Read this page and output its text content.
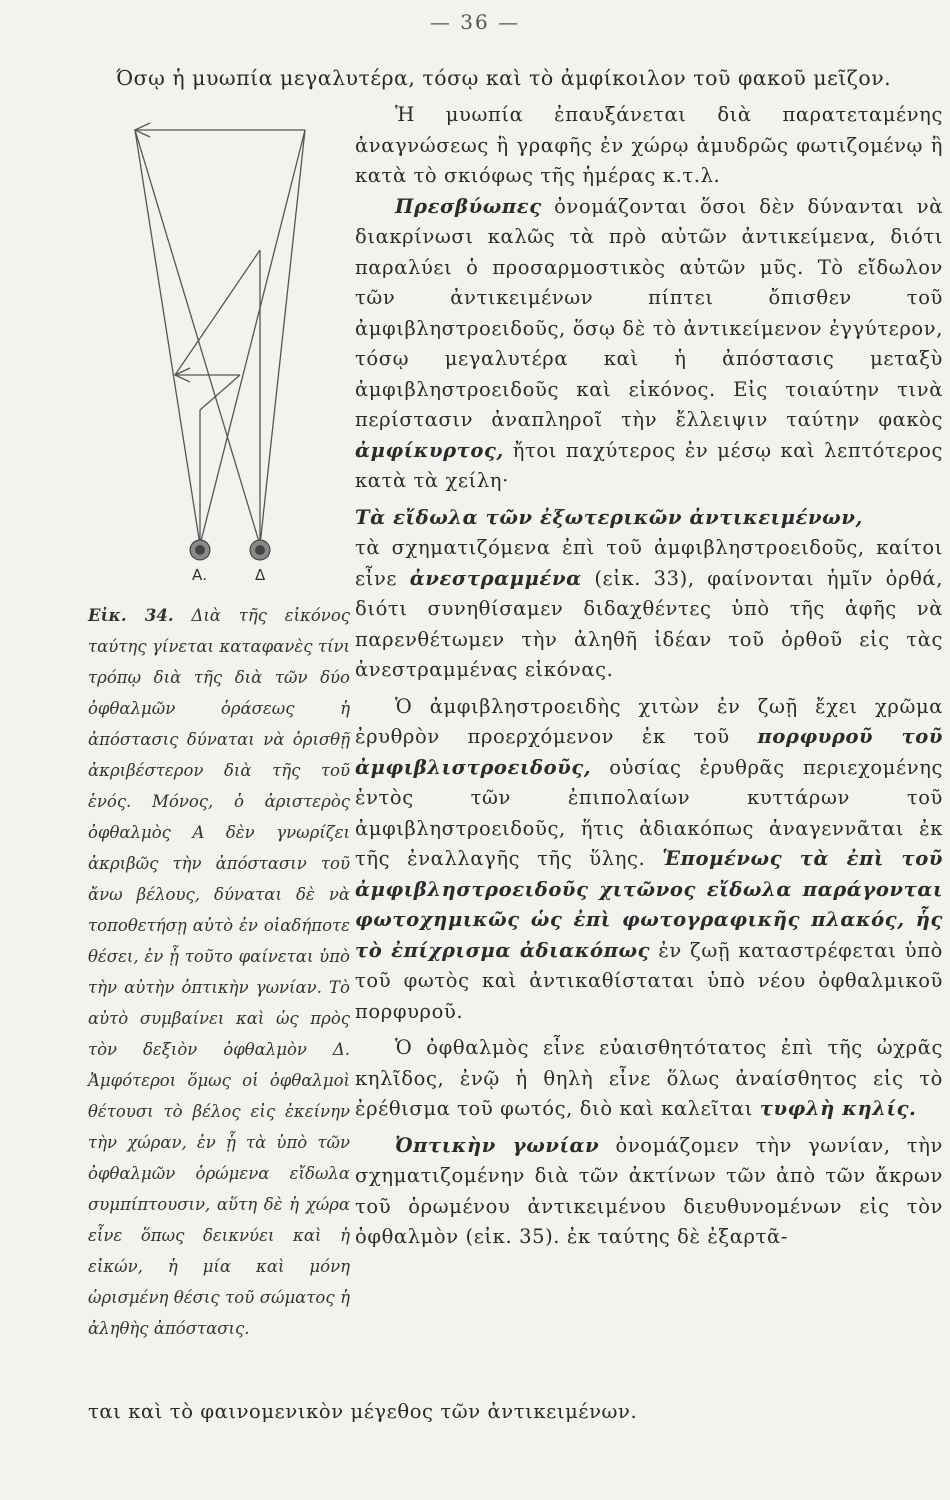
— 36 —
Όσῳ ἡ μυωπία μεγαλυτέρα, τόσῳ καὶ τὸ ἀμφίκοιλον τοῦ φακοῦ μεῖζον.
Α.	Δ
Εἰκ. 34. Διὰ τῆς εἰκόνος ταύτης γίνεται καταφανὲς τίνι τρόπῳ διὰ τῆς διὰ τῶν δύο ὀφθαλμῶν ὁράσεως ἡ ἀπόστασις δύναται νὰ ὁρισθῇ ἀκριβέστερον διὰ τῆς τοῦ ἑνός. Μόνος, ὁ ἀριστερὸς ὀφθαλμὸς Α δὲν γνωρίζει ἀκριβῶς τὴν ἀπόστασιν τοῦ ἄνω βέλους, δύναται δὲ νὰ τοποθετήσῃ αὐτὸ ἐν οἱαδήποτε θέσει, ἐν ᾗ τοῦτο φαίνεται ὑπὸ τὴν αὐτὴν ὀπτικὴν γωνίαν. Τὸ αὐτὸ συμβαίνει καὶ ὡς πρὸς τὸν δεξιὸν ὀφθαλμὸν Δ. Ἀμφότεροι ὅμως οἱ ὀφθαλμοὶ θέτουσι τὸ βέλος εἰς ἐκείνην τὴν χώραν, ἐν ᾗ τὰ ὑπὸ τῶν ὀφθαλμῶν ὁρώμενα εἴδωλα συμπίπτουσιν, αὕτη δὲ ἡ χώρα εἶνε ὅπως δεικνύει καὶ ἡ εἰκών, ἡ μία καὶ μόνη ὡρισμένη θέσις τοῦ σώματος ἡ ἀληθὴς ἀπόστασις.

Ἡ μυωπία ἐπαυξάνεται διὰ παρατεταμένης ἀναγνώσεως ἢ γραφῆς ἐν χώρῳ ἀμυδρῶς φωτιζομένῳ ἢ κατὰ τὸ σκιόφως τῆς ἡμέρας κ.τ.λ.

Πρεσβύωπες ὀνομάζονται ὅσοι δὲν δύνανται νὰ διακρίνωσι καλῶς τὰ πρὸ αὐτῶν ἀντικείμενα, διότι παραλύει ὁ προσαρμοστικὸς αὐτῶν μῦς. Τὸ εἴδωλον τῶν ἀντικειμένων πίπτει ὄπισθεν τοῦ ἀμφιβληστροειδοῦς, ὅσῳ δὲ τὸ ἀντικείμενον ἐγγύτερον, τόσῳ μεγαλυτέρα καὶ ἡ ἀπόστασις μεταξὺ ἀμφιβληστροειδοῦς καὶ εἰκόνος. Εἰς τοιαύτην τινὰ περίστασιν ἀναπληροῖ τὴν ἔλλειψιν ταύτην φακὸς ἀμφίκυρτος, ἤτοι παχύτερος ἐν μέσῳ καὶ λεπτότερος κατὰ τὰ χείλη·

Τὰ εἴδωλα τῶν ἐξωτερικῶν ἀντικειμένων,

τὰ σχηματιζόμενα ἐπὶ τοῦ ἀμφιβληστροειδοῦς, καίτοι εἶνε ἀνεστραμμένα (εἰκ. 33), φαίνονται ἡμῖν ὀρθά, διότι συνηθίσαμεν διδαχθέντες ὑπὸ τῆς ἁφῆς νὰ παρενθέτωμεν τὴν ἀληθῆ ἰδέαν τοῦ ὀρθοῦ εἰς τὰς ἀνεστραμμένας εἰκόνας.

Ὁ ἀμφιβληστροειδὴς χιτὼν ἐν ζωῇ ἔχει χρῶμα ἐρυθρὸν προερχόμενον ἐκ τοῦ πορφυροῦ τοῦ ἀμφιβλιστροειδοῦς, οὐσίας ἐρυθρᾶς περιεχομένης ἐντὸς τῶν ἐπιπολαίων κυττάρων τοῦ ἀμφιβληστροειδοῦς, ἥτις ἀδιακόπως ἀναγεννᾶται ἐκ τῆς ἐναλλαγῆς τῆς ὕλης. Ἑπομένως τὰ ἐπὶ τοῦ ἀμφιβληστροειδοῦς χιτῶνος εἴδωλα παράγονται φωτοχημικῶς ὡς ἐπὶ φωτογραφικῆς πλακός, ἧς τὸ ἐπίχρισμα ἀδιακόπως ἐν ζωῇ καταστρέφεται ὑπὸ τοῦ φωτὸς καὶ ἀντικαθίσταται ὑπὸ νέου ὀφθαλμικοῦ πορφυροῦ.

Ὁ ὀφθαλμὸς εἶνε εὐαισθητότατος ἐπὶ τῆς ὠχρᾶς κηλῖδος, ἐνῷ ἡ θηλὴ εἶνε ὅλως ἀναίσθητος εἰς τὸ ἐρέθισμα τοῦ φωτός, διὸ καὶ καλεῖται τυφλὴ κηλίς.

Ὀπτικὴν γωνίαν ὀνομάζομεν τὴν γωνίαν, τὴν σχηματιζομένην διὰ τῶν ἀκτίνων τῶν ἀπὸ τῶν ἄκρων τοῦ ὁρωμένου ἀντικειμένου διευθυνομένων εἰς τὸν ὀφθαλμὸν (εἰκ. 35). ἐκ ταύτης δὲ ἐξαρτᾶ-

ται καὶ τὸ φαινομενικὸν μέγεθος τῶν ἀντικειμένων.
